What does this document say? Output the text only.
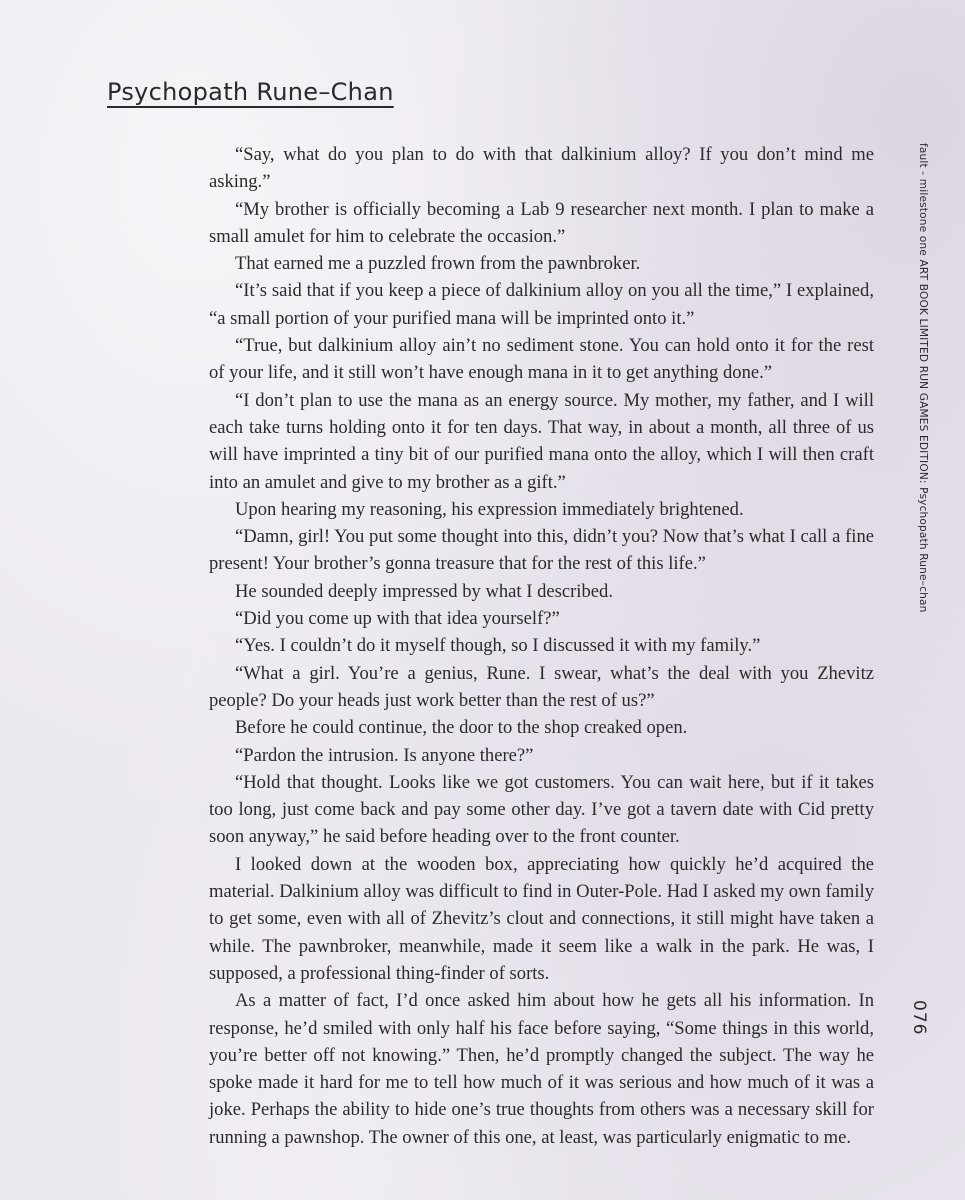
Psychopath Rune–Chan

“Say, what do you plan to do with that dalkinium alloy? If you don’t mind me asking.”

“My brother is officially becoming a Lab 9 researcher next month. I plan to make a small amulet for him to celebrate the occasion.”

That earned me a puzzled frown from the pawnbroker.

“It’s said that if you keep a piece of dalkinium alloy on you all the time,” I explained, “a small portion of your purified mana will be imprinted onto it.”

“True, but dalkinium alloy ain’t no sediment stone. You can hold onto it for the rest of your life, and it still won’t have enough mana in it to get anything done.”

“I don’t plan to use the mana as an energy source. My mother, my father, and I will each take turns holding onto it for ten days. That way, in about a month, all three of us will have imprinted a tiny bit of our purified mana onto the alloy, which I will then craft into an amulet and give to my brother as a gift.”

Upon hearing my reasoning, his expression immediately brightened.

“Damn, girl! You put some thought into this, didn’t you? Now that’s what I call a fine present! Your brother’s gonna treasure that for the rest of this life.”

He sounded deeply impressed by what I described.

“Did you come up with that idea yourself?”

“Yes. I couldn’t do it myself though, so I discussed it with my family.”

“What a girl. You’re a genius, Rune. I swear, what’s the deal with you Zhevitz people? Do your heads just work better than the rest of us?”

Before he could continue, the door to the shop creaked open.

“Pardon the intrusion. Is anyone there?”

“Hold that thought. Looks like we got customers. You can wait here, but if it takes too long, just come back and pay some other day. I’ve got a tavern date with Cid pretty soon anyway,” he said before heading over to the front counter.

I looked down at the wooden box, appreciating how quickly he’d acquired the material. Dalkinium alloy was difficult to find in Outer-Pole. Had I asked my own family to get some, even with all of Zhevitz’s clout and connections, it still might have taken a while. The pawnbroker, meanwhile, made it seem like a walk in the park. He was, I supposed, a professional thing-finder of sorts.

As a matter of fact, I’d once asked him about how he gets all his information. In response, he’d smiled with only half his face before saying, “Some things in this world, you’re better off not knowing.” Then, he’d promptly changed the subject. The way he spoke made it hard for me to tell how much of it was serious and how much of it was a joke. Perhaps the ability to hide one’s true thoughts from others was a necessary skill for running a pawnshop. The owner of this one, at least, was particularly enigmatic to me.

fault - milestone one ART BOOK LIMITED RUN GAMES EDITION: Psychopath Rune–chan
076
